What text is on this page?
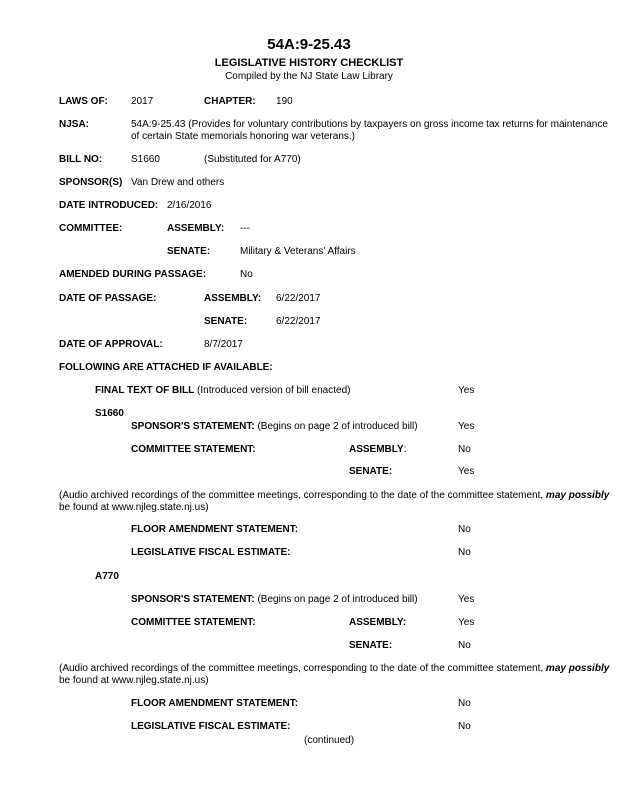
54A:9-25.43
LEGISLATIVE HISTORY CHECKLIST
Compiled by the NJ State Law Library
LAWS OF: 2017	CHAPTER: 190
NJSA:	54A:9-25.43 (Provides for voluntary contributions by taxpayers on gross income tax returns for maintenance
of certain State memorials honoring war veterans.)
BILL NO:	S1660	(Substituted for A770)
SPONSOR(S) Van Drew and others
DATE INTRODUCED: 2/16/2016
COMMITTEE:	ASSEMBLY: ---
SENATE:	Military & Veterans' Affairs
AMENDED DURING PASSAGE:	No
DATE OF PASSAGE:	ASSEMBLY: 6/22/2017
SENATE:	6/22/2017
DATE OF APPROVAL:	8/7/2017
FOLLOWING ARE ATTACHED IF AVAILABLE:
FINAL TEXT OF BILL (Introduced version of bill enacted)	Yes
S1660
SPONSOR'S STATEMENT: (Begins on page 2 of introduced bill)	Yes
COMMITTEE STATEMENT:	ASSEMBLY:	No
SENATE:	Yes
(Audio archived recordings of the committee meetings, corresponding to the date of the committee statement, may possibly
be found at www.njleg.state.nj.us)
FLOOR AMENDMENT STATEMENT:	No
LEGISLATIVE FISCAL ESTIMATE:	No
A770
SPONSOR'S STATEMENT: (Begins on page 2 of introduced bill)	Yes
COMMITTEE STATEMENT:	ASSEMBLY:	Yes
SENATE:	No
(Audio archived recordings of the committee meetings, corresponding to the date of the committee statement, may possibly
be found at www.njleg.state.nj.us)
FLOOR AMENDMENT STATEMENT:	No
LEGISLATIVE FISCAL ESTIMATE:	No
(continued)
